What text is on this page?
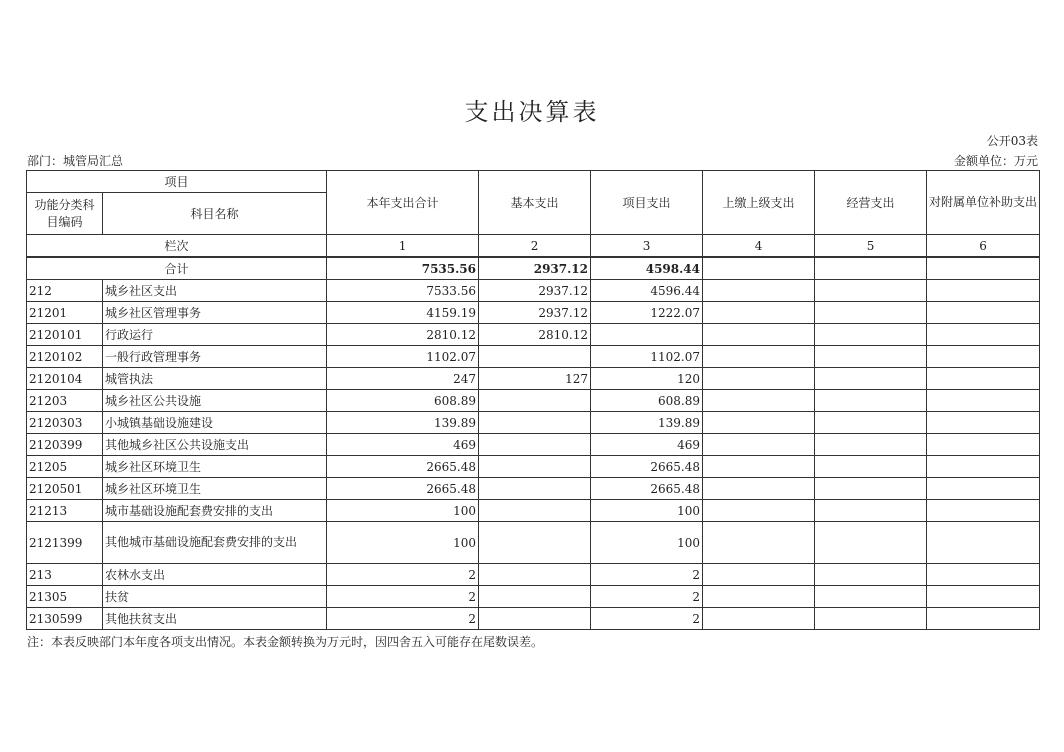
支出决算表
公开03表
部门：城管局汇总	金额单位：万元
项目		本年支出合计	基本支出	项目支出	上缴上级支出	经营支出	对附属单位补助支出
功能分类科目编码	科目名称						
栏次		1	2	3	4	5	6
合计		7535.56	2937.12	4598.44			
212	城乡社区支出	7533.56	2937.12	4596.44			
21201	城乡社区管理事务	4159.19	2937.12	1222.07			
2120101	行政运行	2810.12	2810.12				
2120102	一般行政管理事务	1102.07		1102.07			
2120104	城管执法	247	127	120			
21203	城乡社区公共设施	608.89		608.89			
2120303	小城镇基础设施建设	139.89		139.89			
2120399	其他城乡社区公共设施支出	469		469			
21205	城乡社区环境卫生	2665.48		2665.48			
2120501	城乡社区环境卫生	2665.48		2665.48			
21213	城市基础设施配套费安排的支出	100		100			
2121399	其他城市基础设施配套费安排的支出	100		100			
213	农林水支出	2		2			
21305	扶贫	2		2			
2130599	其他扶贫支出	2		2			
注：本表反映部门本年度各项支出情况。本表金额转换为万元时，因四舍五入可能存在尾数误差。
